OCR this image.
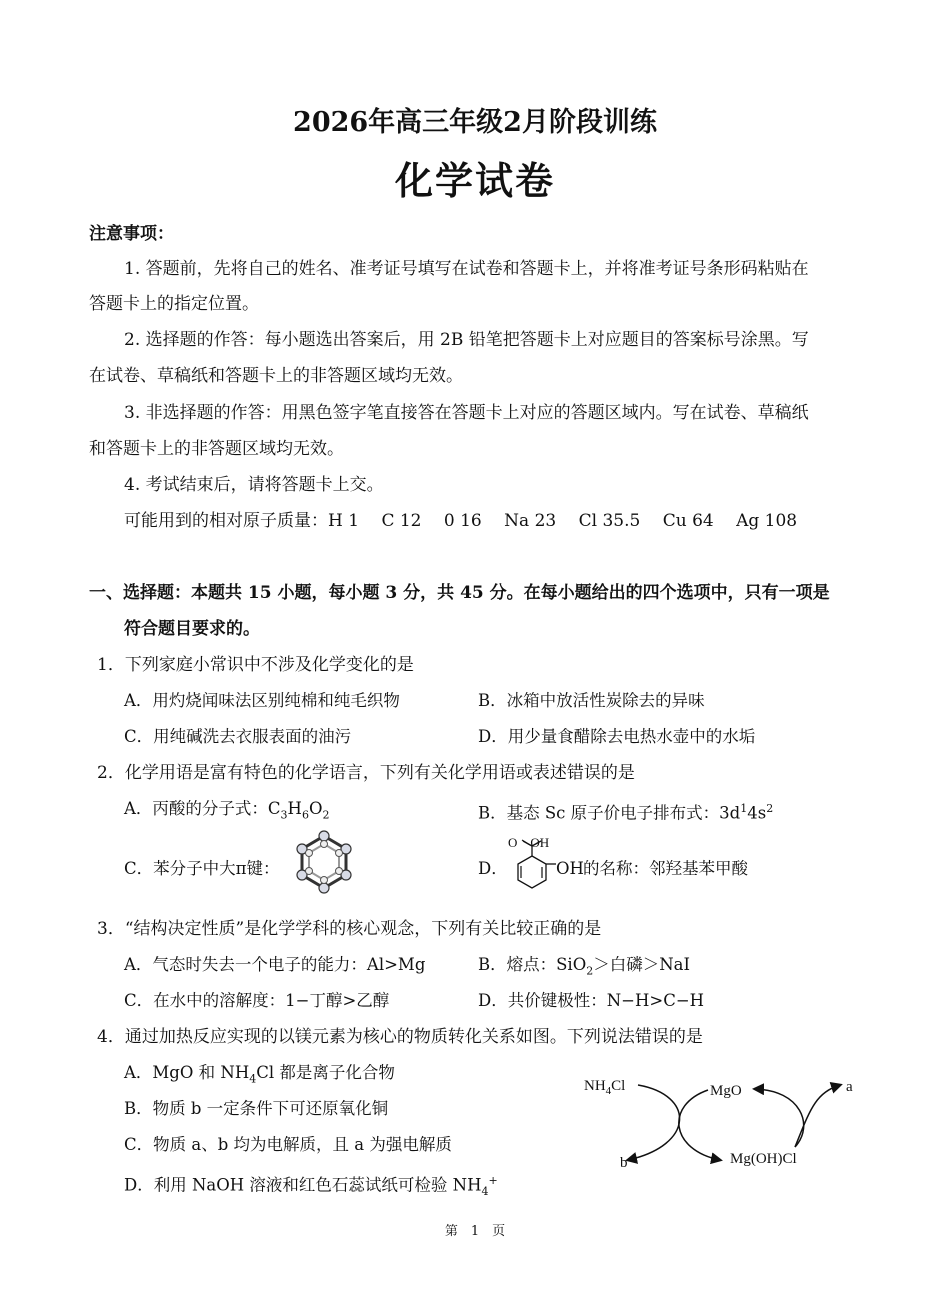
2026年高三年级2月阶段训练
化学试卷
注意事项：
1. 答题前，先将自己的姓名、准考证号填写在试卷和答题卡上，并将准考证号条形码粘贴在
答题卡上的指定位置。
2. 选择题的作答：每小题选出答案后，用 2B 铅笔把答题卡上对应题目的答案标号涂黑。写
在试卷、草稿纸和答题卡上的非答题区域均无效。
3. 非选择题的作答：用黑色签字笔直接答在答题卡上对应的答题区域内。写在试卷、草稿纸
和答题卡上的非答题区域均无效。
4. 考试结束后，请将答题卡上交。
可能用到的相对原子质量：H 1　 C 12　 0 16　 Na 23　 Cl 35.5　 Cu 64　 Ag 108
一、选择题：本题共 15 小题，每小题 3 分，共 45 分。在每小题给出的四个选项中，只有一项是
符合题目要求的。
1．下列家庭小常识中不涉及化学变化的是
A．用灼烧闻味法区别纯棉和纯毛织物	B．冰箱中放活性炭除去的异味
C．用纯碱洗去衣服表面的油污	D．用少量食醋除去电热水壶中的水垢
2．化学用语是富有特色的化学语言，下列有关化学用语或表述错误的是
A．丙酸的分子式：$C_3H_6O_2$	B．基态 Sc 原子价电子排布式：$3d^14s^2$
C．苯分子中大π键：	D．
O　OH
OH 的名称：邻羟基苯甲酸
3．“结构决定性质”是化学学科的核心观念，下列有关比较正确的是
A．气态时失去一个电子的能力：Al>Mg	B．熔点：SiO$_2$＞白磷＞NaI
C．在水中的溶解度：1−丁醇>乙醇	D．共价键极性：N−H>C−H
4．通过加热反应实现的以镁元素为核心的物质转化关系如图。下列说法错误的是
A．MgO 和 $NH_4Cl$ 都是离子化合物
B．物质 b 一定条件下可还原氧化铜
C．物质 a、b 均为电解质，且 a 为强电解质
D．利用 NaOH 溶液和红色石蕊试纸可检验 $NH_4^+$
$NH_4Cl$	MgO	a
b	Mg(OH)Cl
第　1　页
